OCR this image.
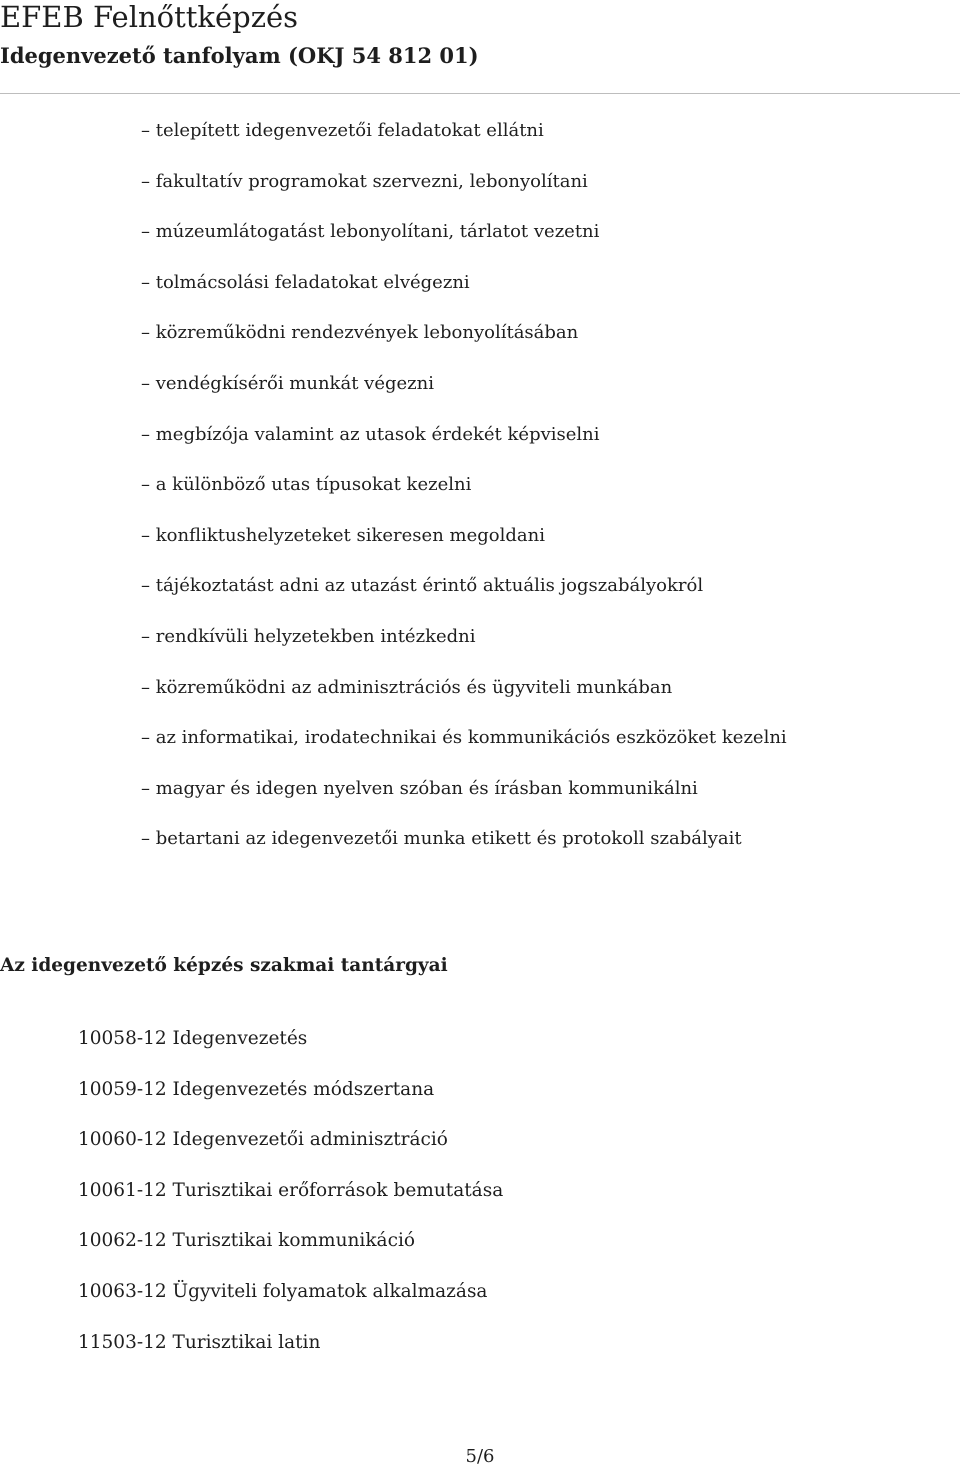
EFEB Felnőttképzés
Idegenvezető tanfolyam (OKJ 54 812 01)
– telepített idegenvezetői feladatokat ellátni
– fakultatív programokat szervezni, lebonyolítani
– múzeumlátogatást lebonyolítani, tárlatot vezetni
– tolmácsolási feladatokat elvégezni
– közreműködni rendezvények lebonyolításában
– vendégkísérői munkát végezni
– megbízója valamint az utasok érdekét képviselni
– a különböző utas típusokat kezelni
– konfliktushelyzeteket sikeresen megoldani
– tájékoztatást adni az utazást érintő aktuális jogszabályokról
– rendkívüli helyzetekben intézkedni
– közreműködni az adminisztrációs és ügyviteli munkában
– az informatikai, irodatechnikai és kommunikációs eszközöket kezelni
– magyar és idegen nyelven szóban és írásban kommunikálni
– betartani az idegenvezetői munka etikett és protokoll szabályait
Az idegenvezető képzés szakmai tantárgyai
10058-12 Idegenvezetés
10059-12 Idegenvezetés módszertana
10060-12 Idegenvezetői adminisztráció
10061-12 Turisztikai erőforrások bemutatása
10062-12 Turisztikai kommunikáció
10063-12 Ügyviteli folyamatok alkalmazása
11503-12 Turisztikai latin
5/6
